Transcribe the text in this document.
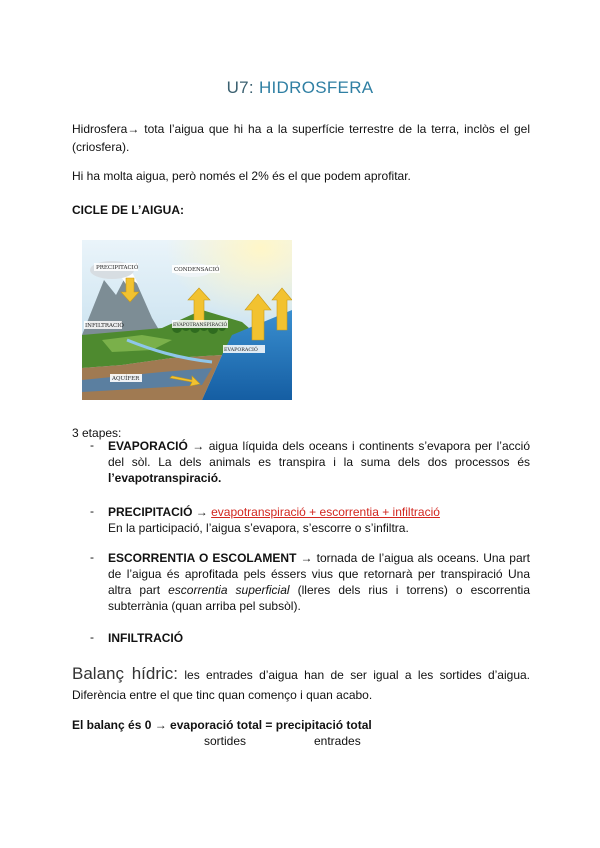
U7: HIDROSFERA
Hidrosfera→ tota l’aigua que hi ha a la superfície terrestre de la terra, inclòs el gel (criosfera).
Hi ha molta aigua, però només el 2% és el que podem aprofitar.
CICLE DE L’AIGUA:
PRECIPITACIÓ	CONDENSACIÓ
INFILTRACIÓ	EVAPOTRANSPIRACIÓ
EVAPORACIÓ
AQUÍFER
3 etapes:
- EVAPORACIÓ → aigua líquida dels oceans i continents s’evapora per l’acció del sòl. La dels animals es transpira i la suma dels dos processos és l’evapotranspiració.
- PRECIPITACIÓ → evapotranspiració + escorrentia + infiltració
En la participació, l’aigua s’evapora, s’escorre o s’infiltra.
- ESCORRENTIA O ESCOLAMENT → tornada de l’aigua als oceans. Una part de l’aigua és aprofitada pels éssers vius que retornarà per transpiració Una altra part escorrentia superficial (lleres dels rius i torrens) o escorrentia subterrània (quan arriba pel subsòl).
- INFILTRACIÓ
Balanç hídric: les entrades d’aigua han de ser igual a les sortides d’aigua. Diferència entre el que tinc quan començo i quan acabo.
El balanç és 0 → evaporació total = precipitació total
sortides	entrades
